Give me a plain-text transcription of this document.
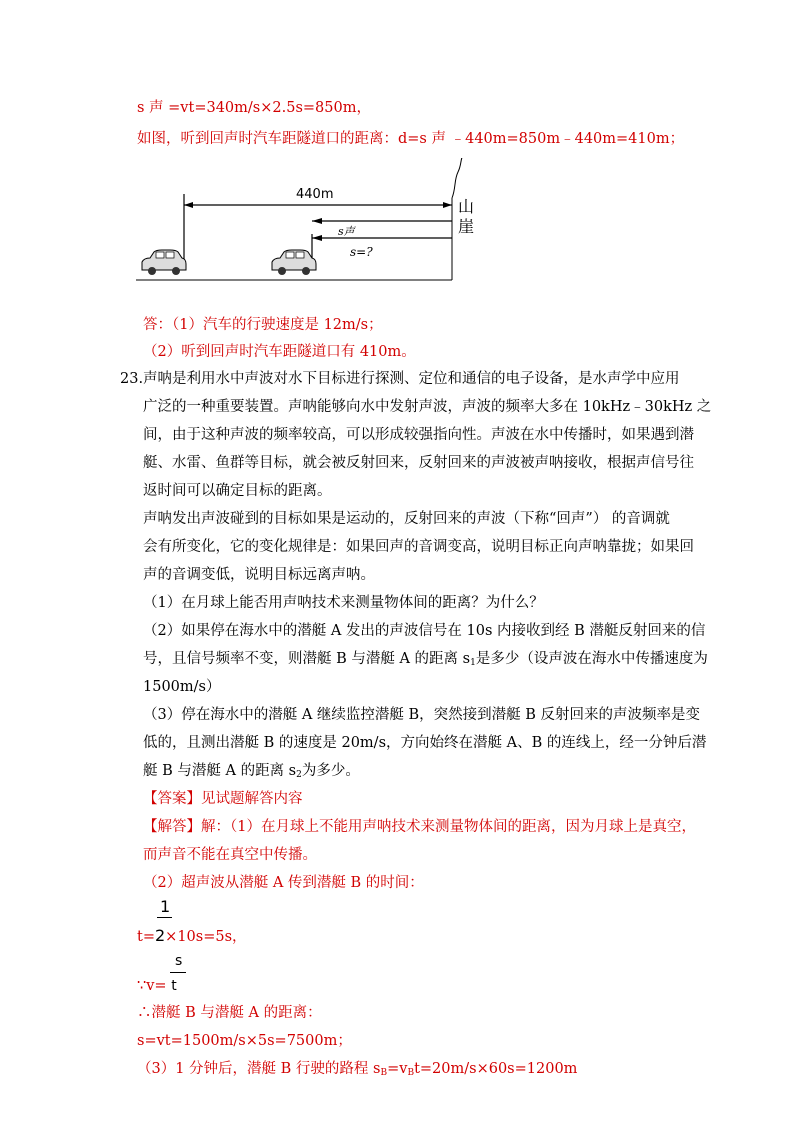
s 声 =vt=340m/s×2.5s=850m，
如图，听到回声时汽车距隧道口的距离：d=s 声 ﹣440m=850m﹣440m=410m；
440m
s声
s=?
山
崖
答：（1）汽车的行驶速度是 12m/s；
（2）听到回声时汽车距隧道口有 410m。
23. 声呐是利用水中声波对水下目标进行探测、定位和通信的电子设备，是水声学中应用
广泛的一种重要装置。声呐能够向水中发射声波，声波的频率大多在 10kHz﹣30kHz 之
间，由于这种声波的频率较高，可以形成较强指向性。声波在水中传播时，如果遇到潜
艇、水雷、鱼群等目标，就会被反射回来，反射回来的声波被声呐接收，根据声信号往
返时间可以确定目标的距离。
声呐发出声波碰到的目标如果是运动的，反射回来的声波（下称“回声”） 的音调就
会有所变化，它的变化规律是：如果回声的音调变高，说明目标正向声呐靠拢；如果回
声的音调变低，说明目标远离声呐。
（1）在月球上能否用声呐技术来测量物体间的距离？为什么？
（2）如果停在海水中的潜艇 A 发出的声波信号在 10s 内接收到经 B 潜艇反射回来的信
号，且信号频率不变，则潜艇 B 与潜艇 A 的距离 $s_1$是多少（设声波在海水中传播速度为
1500m/s）
（3）停在海水中的潜艇 A 继续监控潜艇 B，突然接到潜艇 B 反射回来的声波频率是变
低的，且测出潜艇 B 的速度是 20m/s，方向始终在潜艇 A、B 的连线上，经一分钟后潜
艇 B 与潜艇 A 的距离 $s_2$为多少。
【答案】见试题解答内容
【解答】解：（1）在月球上不能用声呐技术来测量物体间的距离，因为月球上是真空，
而声音不能在真空中传播。
（2）超声波从潜艇 A 传到潜艇 B 的时间：
1
t=2×10s=5s，
s
∵v= t
∴潜艇 B 与潜艇 A 的距离：
s=vt=1500m/s×5s=7500m；
（3）1 分钟后，潜艇 B 行驶的路程 $s_B=v_Bt=20m/s\times 60s=1200m$
